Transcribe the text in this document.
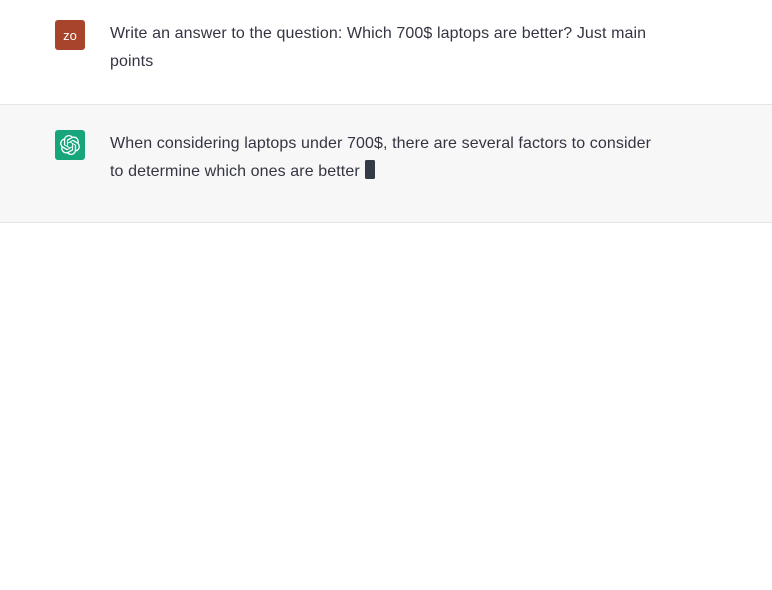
zo Write an answer to the question: Which 700$ laptops are better? Just main
points
When considering laptops under 700$, there are several factors to consider
to determine which ones are better
